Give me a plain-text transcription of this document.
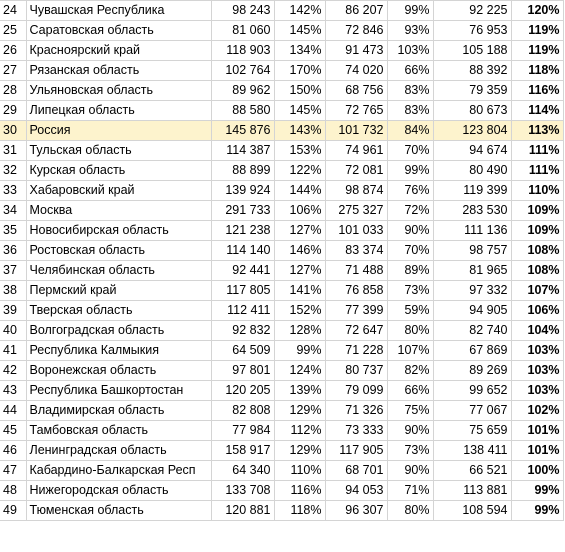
24	Чувашская Республика	98 243	142%	86 207	99%	92 225	120%
25	Саратовская область	81 060	145%	72 846	93%	76 953	119%
26	Красноярский край	118 903	134%	91 473	103%	105 188	119%
27	Рязанская область	102 764	170%	74 020	66%	88 392	118%
28	Ульяновская область	89 962	150%	68 756	83%	79 359	116%
29	Липецкая область	88 580	145%	72 765	83%	80 673	114%
30	Россия	145 876	143%	101 732	84%	123 804	113%
31	Тульская область	114 387	153%	74 961	70%	94 674	111%
32	Курская область	88 899	122%	72 081	99%	80 490	111%
33	Хабаровский край	139 924	144%	98 874	76%	119 399	110%
34	Москва	291 733	106%	275 327	72%	283 530	109%
35	Новосибирская область	121 238	127%	101 033	90%	111 136	109%
36	Ростовская область	114 140	146%	83 374	70%	98 757	108%
37	Челябинская область	92 441	127%	71 488	89%	81 965	108%
38	Пермский край	117 805	141%	76 858	73%	97 332	107%
39	Тверская область	112 411	152%	77 399	59%	94 905	106%
40	Волгоградская область	92 832	128%	72 647	80%	82 740	104%
41	Республика Калмыкия	64 509	99%	71 228	107%	67 869	103%
42	Воронежская область	97 801	124%	80 737	82%	89 269	103%
43	Республика Башкортостан	120 205	139%	79 099	66%	99 652	103%
44	Владимирская область	82 808	129%	71 326	75%	77 067	102%
45	Тамбовская область	77 984	112%	73 333	90%	75 659	101%
46	Ленинградская область	158 917	129%	117 905	73%	138 411	101%
47	Кабардино-Балкарская Респ	64 340	110%	68 701	90%	66 521	100%
48	Нижегородская область	133 708	116%	94 053	71%	113 881	99%
49	Тюменская область	120 881	118%	96 307	80%	108 594	99%
